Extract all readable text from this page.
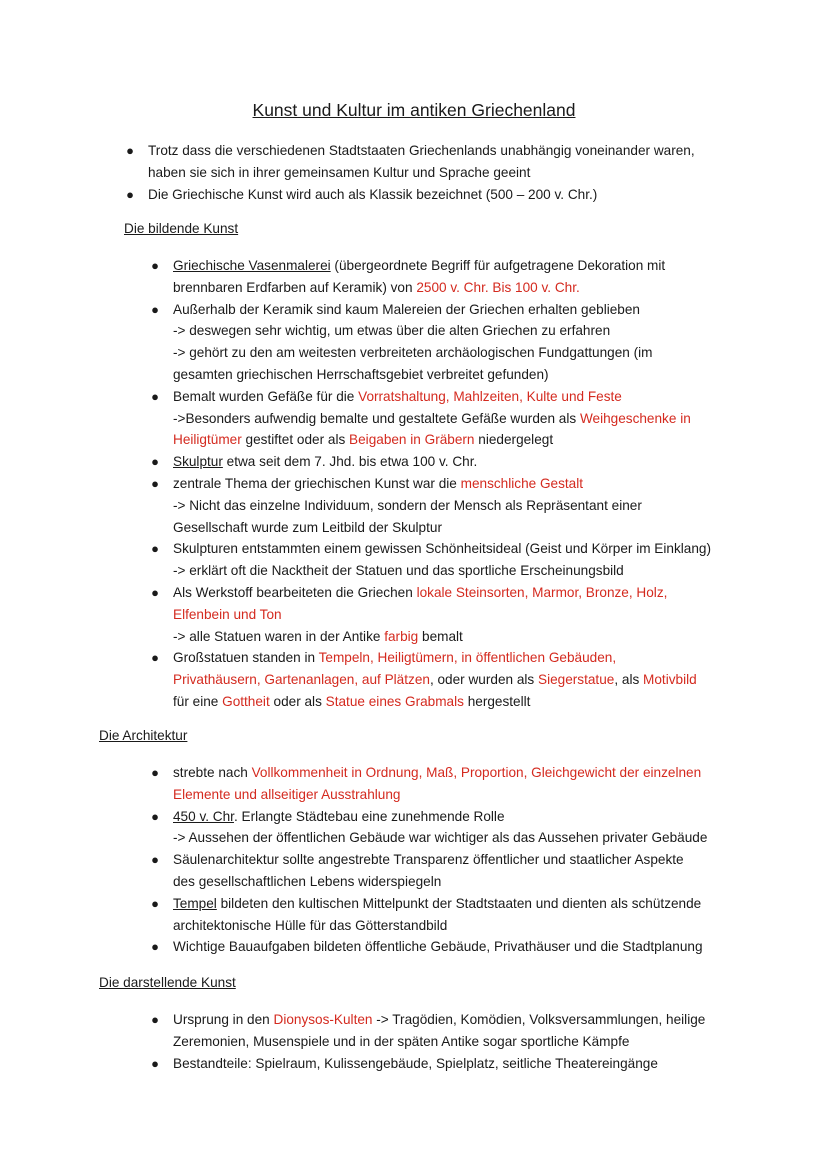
Kunst und Kultur im antiken Griechenland
● Trotz dass die verschiedenen Stadtstaaten Griechenlands unabhängig voneinander waren,
haben sie sich in ihrer gemeinsamen Kultur und Sprache geeint
● Die Griechische Kunst wird auch als Klassik bezeichnet (500 – 200 v. Chr.)
Die bildende Kunst
● Griechische Vasenmalerei (übergeordnete Begriff für aufgetragene Dekoration mit
brennbaren Erdfarben auf Keramik) von 2500 v. Chr. Bis 100 v. Chr.
● Außerhalb der Keramik sind kaum Malereien der Griechen erhalten geblieben
-> deswegen sehr wichtig, um etwas über die alten Griechen zu erfahren
-> gehört zu den am weitesten verbreiteten archäologischen Fundgattungen (im
gesamten griechischen Herrschaftsgebiet verbreitet gefunden)
● Bemalt wurden Gefäße für die Vorratshaltung, Mahlzeiten, Kulte und Feste
->Besonders aufwendig bemalte und gestaltete Gefäße wurden als Weihgeschenke in
Heiligtümer gestiftet oder als Beigaben in Gräbern niedergelegt
● Skulptur etwa seit dem 7. Jhd. bis etwa 100 v. Chr.
● zentrale Thema der griechischen Kunst war die menschliche Gestalt
-> Nicht das einzelne Individuum, sondern der Mensch als Repräsentant einer
Gesellschaft wurde zum Leitbild der Skulptur
● Skulpturen entstammten einem gewissen Schönheitsideal (Geist und Körper im Einklang)
-> erklärt oft die Nacktheit der Statuen und das sportliche Erscheinungsbild
● Als Werkstoff bearbeiteten die Griechen lokale Steinsorten, Marmor, Bronze, Holz,
Elfenbein und Ton
-> alle Statuen waren in der Antike farbig bemalt
● Großstatuen standen in Tempeln, Heiligtümern, in öffentlichen Gebäuden,
Privathäusern, Gartenanlagen, auf Plätzen, oder wurden als Siegerstatue, als Motivbild
für eine Gottheit oder als Statue eines Grabmals hergestellt
Die Architektur
● strebte nach Vollkommenheit in Ordnung, Maß, Proportion, Gleichgewicht der einzelnen
Elemente und allseitiger Ausstrahlung
● 450 v. Chr. Erlangte Städtebau eine zunehmende Rolle
-> Aussehen der öffentlichen Gebäude war wichtiger als das Aussehen privater Gebäude
● Säulenarchitektur sollte angestrebte Transparenz öffentlicher und staatlicher Aspekte
des gesellschaftlichen Lebens widerspiegeln
● Tempel bildeten den kultischen Mittelpunkt der Stadtstaaten und dienten als schützende
architektonische Hülle für das Götterstandbild
● Wichtige Bauaufgaben bildeten öffentliche Gebäude, Privathäuser und die Stadtplanung
Die darstellende Kunst
● Ursprung in den Dionysos-Kulten -> Tragödien, Komödien, Volksversammlungen, heilige
Zeremonien, Musenspiele und in der späten Antike sogar sportliche Kämpfe
● Bestandteile: Spielraum, Kulissengebäude, Spielplatz, seitliche Theatereingänge
